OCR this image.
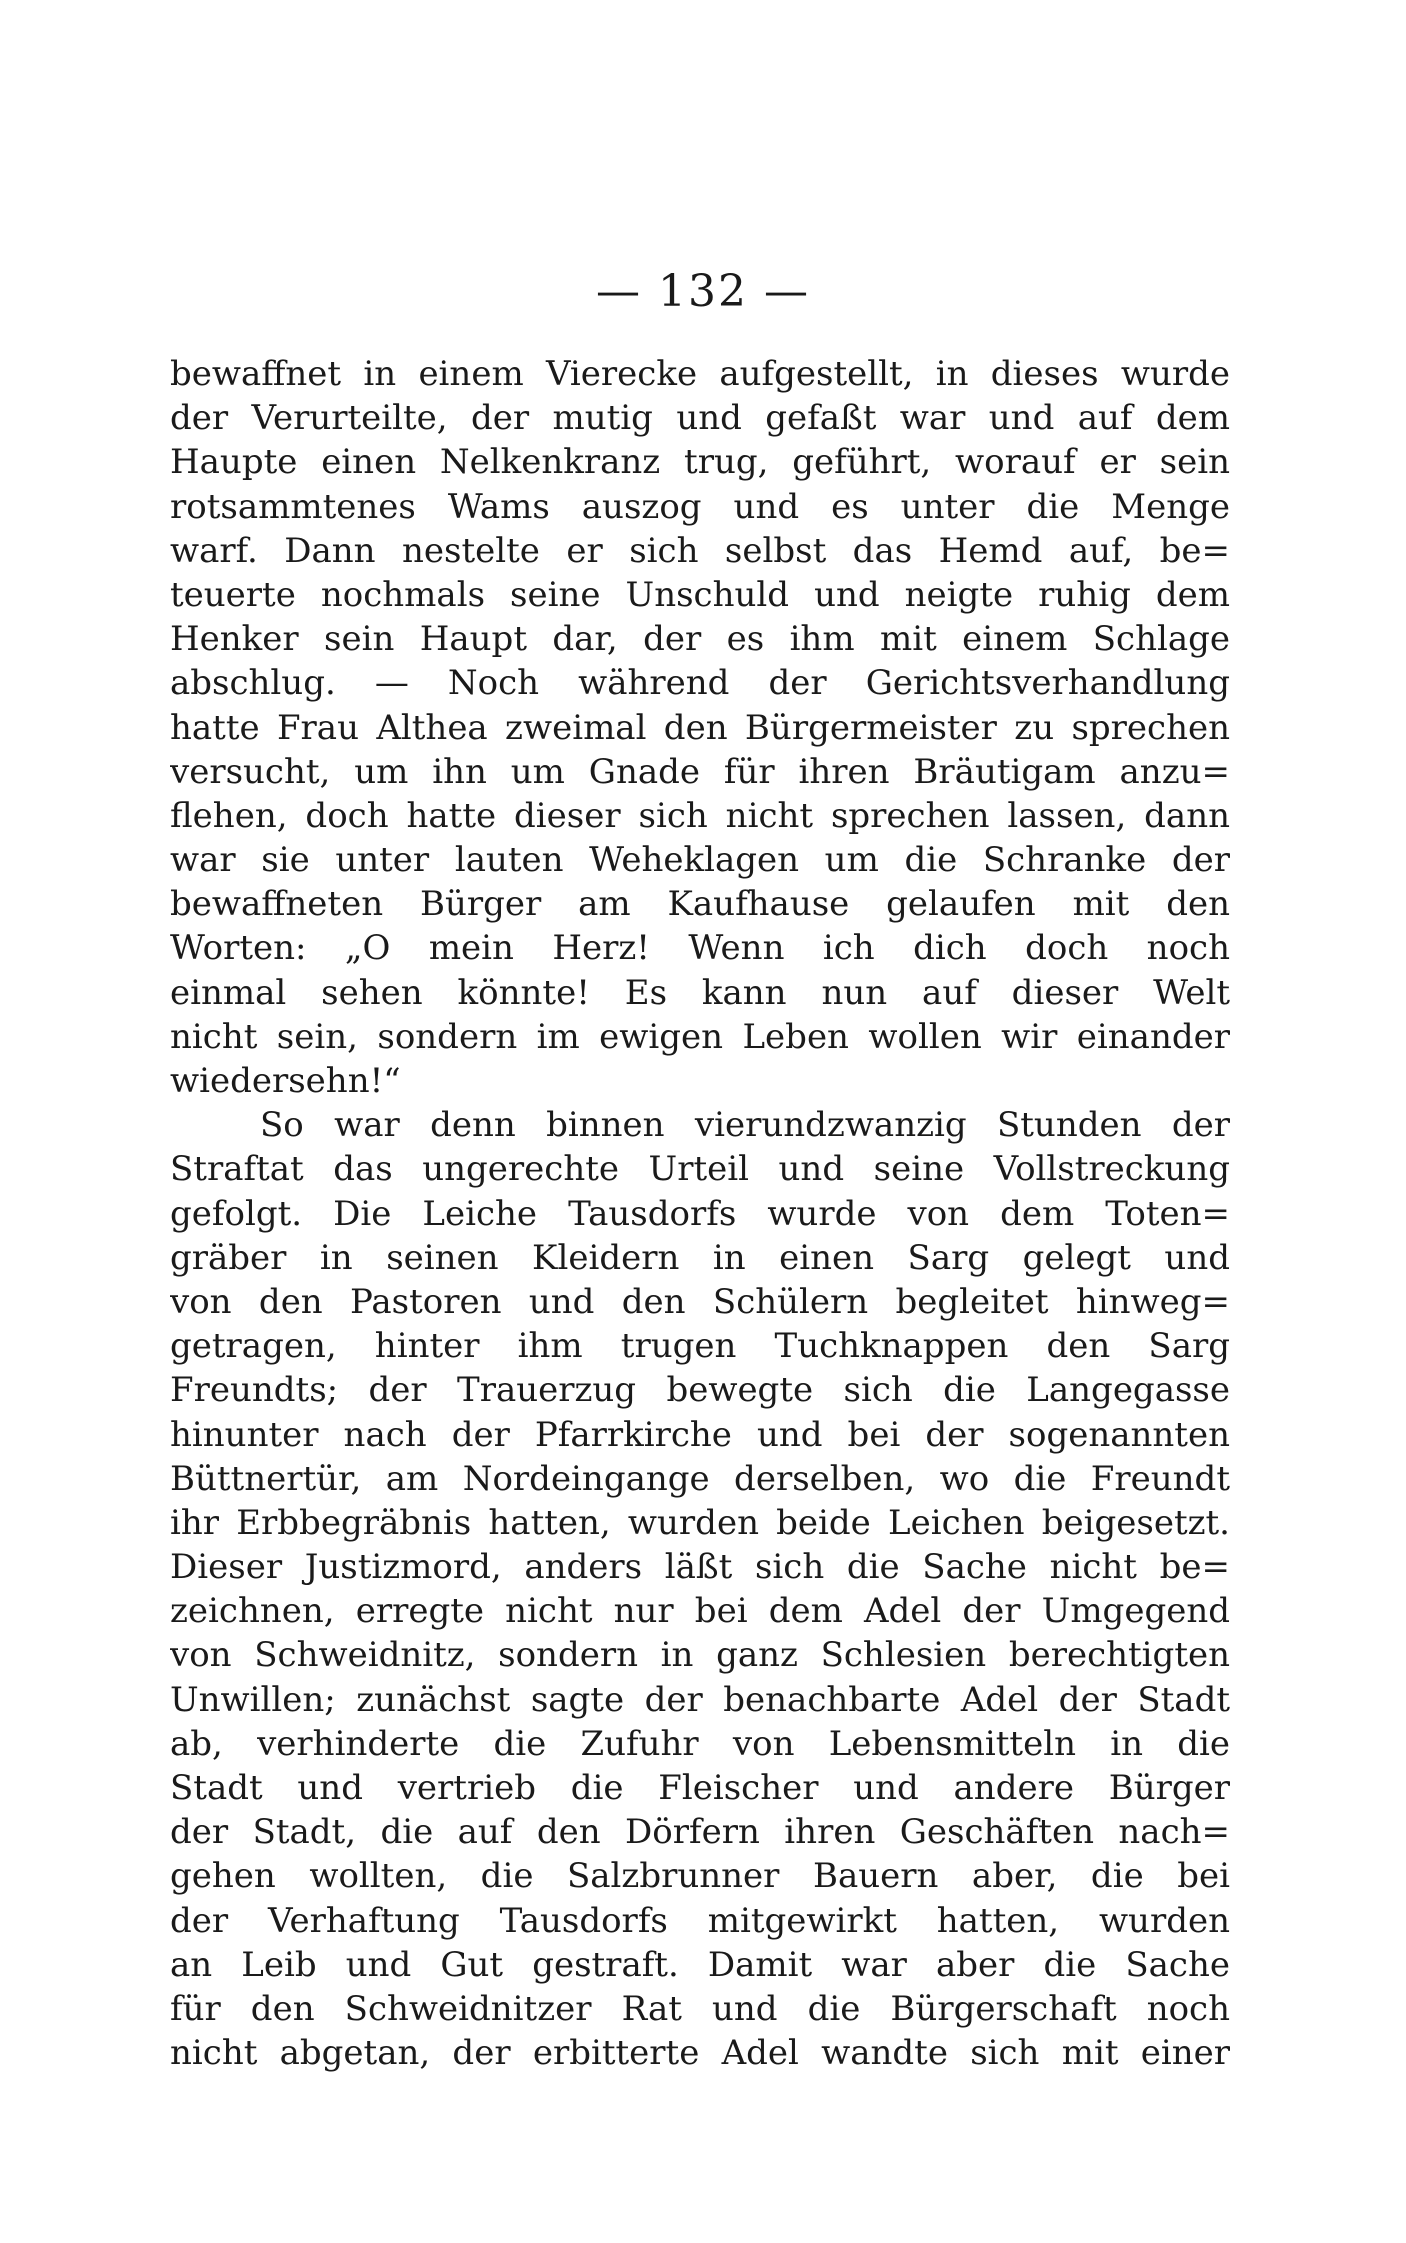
— 132 —
bewaffnet in einem Vierecke aufgestellt, in dieses wurde
der Verurteilte, der mutig und gefaßt war und auf dem
Haupte einen Nelkenkranz trug, geführt, worauf er sein
rotsammtenes Wams auszog und es unter die Menge
warf. Dann nestelte er sich selbst das Hemd auf, be=
teuerte nochmals seine Unschuld und neigte ruhig dem
Henker sein Haupt dar, der es ihm mit einem Schlage
abschlug. — Noch während der Gerichtsverhandlung
hatte Frau Althea zweimal den Bürgermeister zu sprechen
versucht, um ihn um Gnade für ihren Bräutigam anzu=
flehen, doch hatte dieser sich nicht sprechen lassen, dann
war sie unter lauten Weheklagen um die Schranke der
bewaffneten Bürger am Kaufhause gelaufen mit den
Worten: „O mein Herz! Wenn ich dich doch noch
einmal sehen könnte! Es kann nun auf dieser Welt
nicht sein, sondern im ewigen Leben wollen wir einander
wiedersehn!“
So war denn binnen vierundzwanzig Stunden der
Straftat das ungerechte Urteil und seine Vollstreckung
gefolgt. Die Leiche Tausdorfs wurde von dem Toten=
gräber in seinen Kleidern in einen Sarg gelegt und
von den Pastoren und den Schülern begleitet hinweg=
getragen, hinter ihm trugen Tuchknappen den Sarg
Freundts; der Trauerzug bewegte sich die Langegasse
hinunter nach der Pfarrkirche und bei der sogenannten
Büttnertür, am Nordeingange derselben, wo die Freundt
ihr Erbbegräbnis hatten, wurden beide Leichen beigesetzt.
Dieser Justizmord, anders läßt sich die Sache nicht be=
zeichnen, erregte nicht nur bei dem Adel der Umgegend
von Schweidnitz, sondern in ganz Schlesien berechtigten
Unwillen; zunächst sagte der benachbarte Adel der Stadt
ab, verhinderte die Zufuhr von Lebensmitteln in die
Stadt und vertrieb die Fleischer und andere Bürger
der Stadt, die auf den Dörfern ihren Geschäften nach=
gehen wollten, die Salzbrunner Bauern aber, die bei
der Verhaftung Tausdorfs mitgewirkt hatten, wurden
an Leib und Gut gestraft. Damit war aber die Sache
für den Schweidnitzer Rat und die Bürgerschaft noch
nicht abgetan, der erbitterte Adel wandte sich mit einer
